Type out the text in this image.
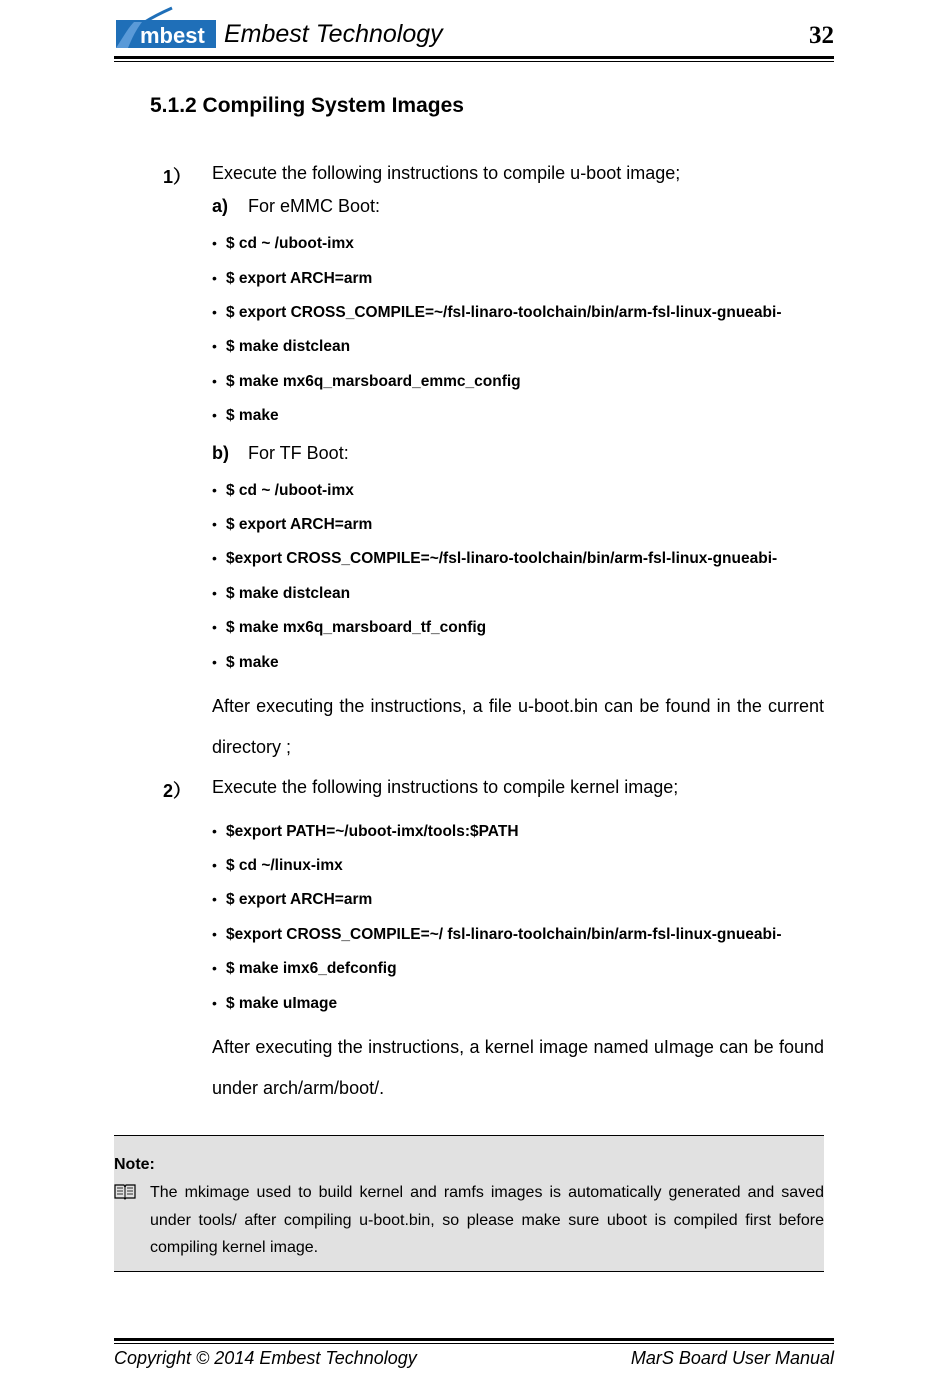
mbest Embest Technology	32
5.1.2 Compiling System Images
1） Execute the following instructions to compile u-boot image;
a) For eMMC Boot:
• $ cd ~ /uboot-imx
• $ export ARCH=arm
• $ export CROSS_COMPILE=~/fsl-linaro-toolchain/bin/arm-fsl-linux-gnueabi-
• $ make distclean
• $ make mx6q_marsboard_emmc_config
• $ make
b) For TF Boot:
• $ cd ~ /uboot-imx
• $ export ARCH=arm
• $export CROSS_COMPILE=~/fsl-linaro-toolchain/bin/arm-fsl-linux-gnueabi-
• $ make distclean
• $ make mx6q_marsboard_tf_config
• $ make
After executing the instructions, a file u-boot.bin can be found in the current directory ;
2） Execute the following instructions to compile kernel image;
• $export PATH=~/uboot-imx/tools:$PATH
• $ cd ~/linux-imx
• $ export ARCH=arm
• $export CROSS_COMPILE=~/ fsl-linaro-toolchain/bin/arm-fsl-linux-gnueabi-
• $ make imx6_defconfig
• $ make uImage
After executing the instructions, a kernel image named uImage can be found under arch/arm/boot/.
Note:
The mkimage used to build kernel and ramfs images is automatically generated and saved under tools/ after compiling u-boot.bin, so please make sure uboot is compiled first before compiling kernel image.
Copyright © 2014 Embest Technology	MarS Board User Manual
